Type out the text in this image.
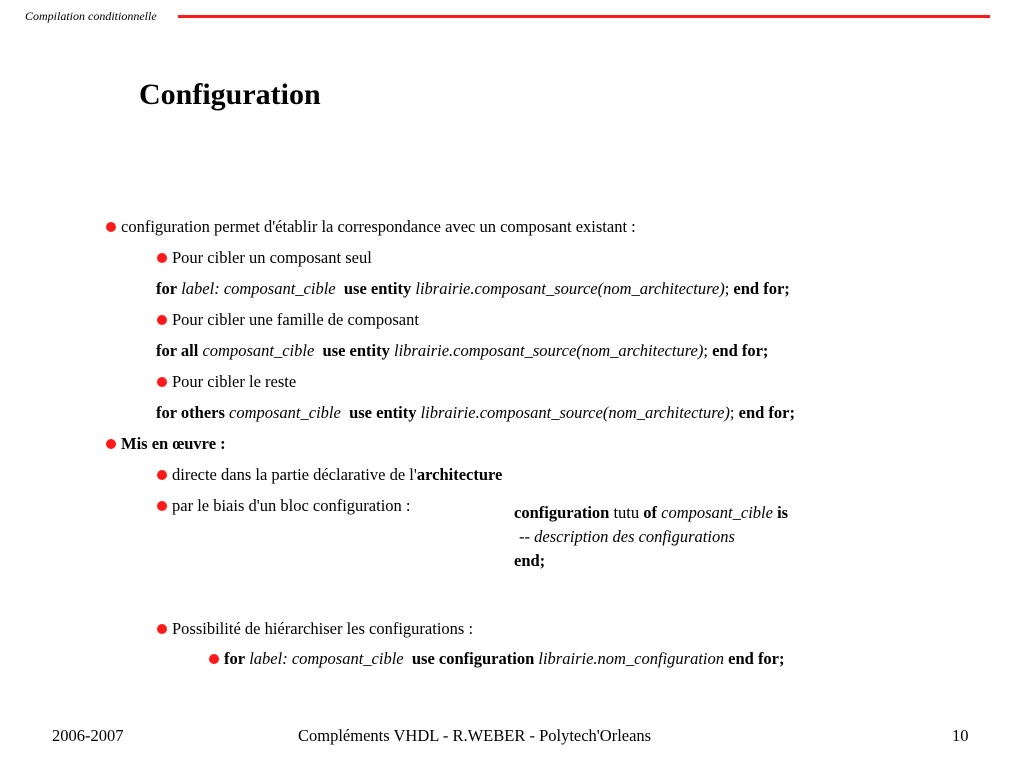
Compilation conditionnelle
Configuration
configuration permet d'établir la correspondance avec un composant existant :
Pour cibler un composant seul
for label: composant_cible use entity librairie.composant_source(nom_architecture); end for;
Pour cibler une famille de composant
for all composant_cible use entity librairie.composant_source(nom_architecture); end for;
Pour cibler le reste
for others composant_cible use entity librairie.composant_source(nom_architecture); end for;
Mis en œuvre :
directe dans la partie déclarative de l'architecture
par le biais d'un bloc configuration :	configuration tutu of composant_cible is
-- description des configurations
end;
Possibilité de hiérarchiser les configurations :
for label: composant_cible use configuration librairie.nom_configuration end for;
2006-2007	Compléments VHDL - R.WEBER - Polytech'Orleans	10
